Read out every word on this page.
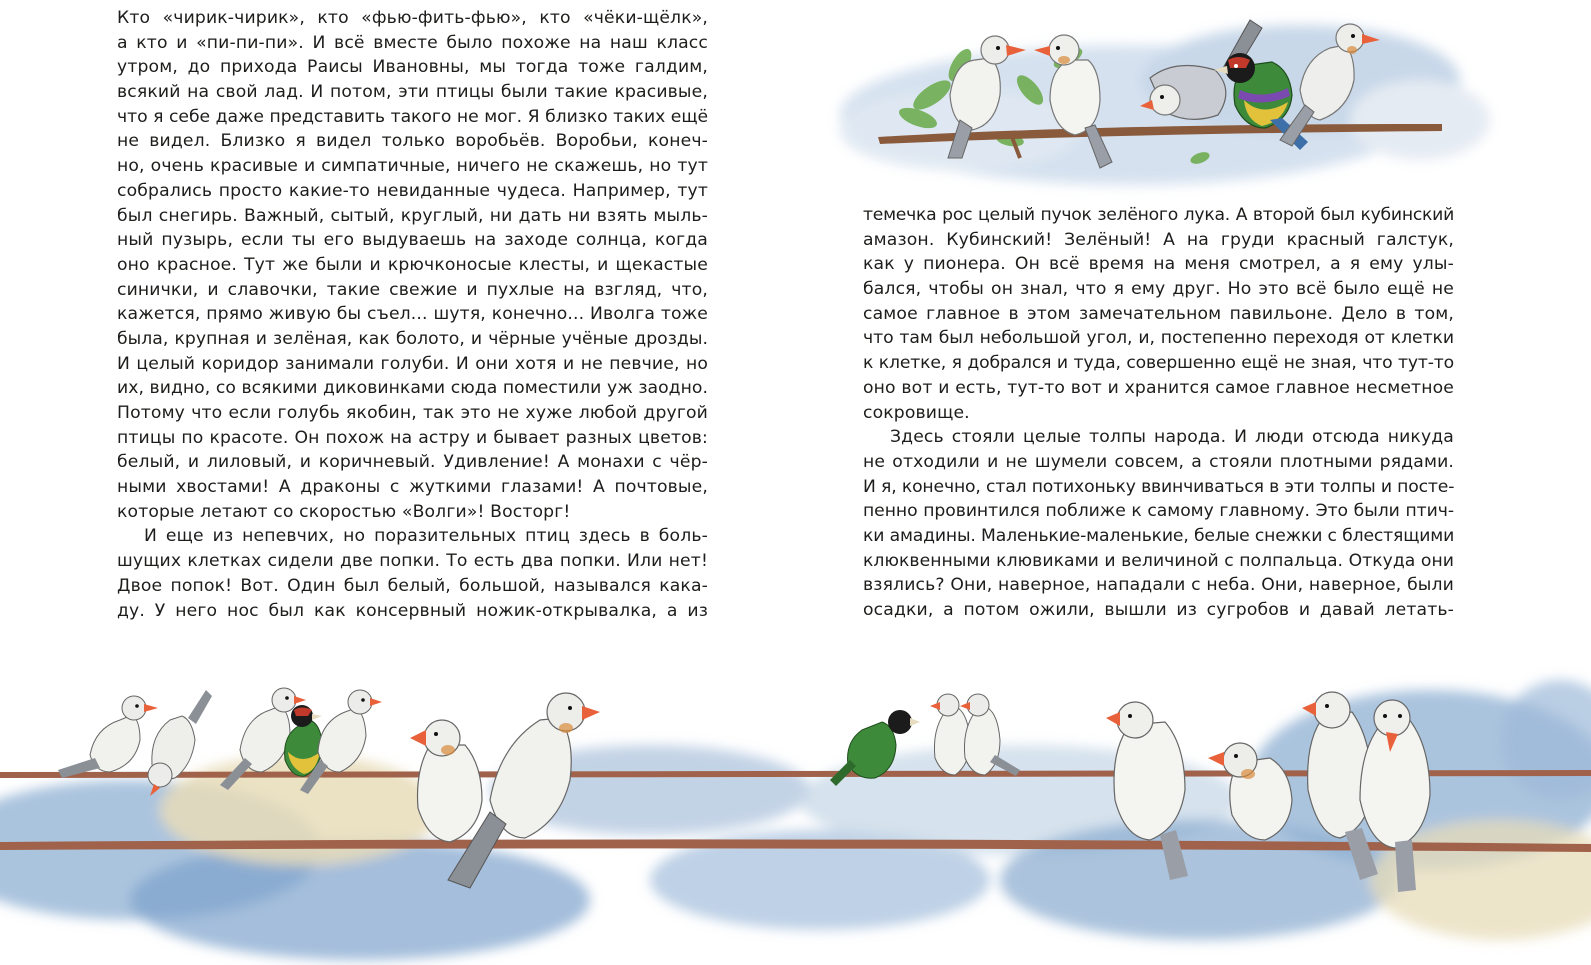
Кто «чирик-чирик», кто «фью-фить-фью», кто «чёки-щёлк»,
а кто и «пи-пи-пи». И всё вместе было похоже на наш класс
утром, до прихода Раисы Ивановны, мы тогда тоже галдим,
всякий на свой лад. И потом, эти птицы были такие красивые,
что я себе даже представить такого не мог. Я близко таких ещё
не видел. Близко я видел только воробьёв. Воробьи, конеч-
но, очень красивые и симпатичные, ничего не скажешь, но тут
собрались просто какие-то невиданные чудеса. Например, тут
был снегирь. Важный, сытый, круглый, ни дать ни взять мыль-
ный пузырь, если ты его выдуваешь на заходе солнца, когда
оно красное. Тут же были и крючконосые клесты, и щекастые
синички, и славочки, такие свежие и пухлые на взгляд, что,
кажется, прямо живую бы съел... шутя, конечно... Иволга тоже
была, крупная и зелёная, как болото, и чёрные учёные дрозды.
И целый коридор занимали голуби. И они хотя и не певчие, но
их, видно, со всякими диковинками сюда поместили уж заодно.
Потому что если голубь якобин, так это не хуже любой другой
птицы по красоте. Он похож на астру и бывает разных цветов:
белый, и лиловый, и коричневый. Удивление! А монахи с чёр-
ными хвостами! А драконы с жуткими глазами! А почтовые,
которые летают со скоростью «Волги»! Восторг!
И еще из непевчих, но поразительных птиц здесь в боль-
шущих клетках сидели две попки. То есть два попки. Или нет!
Двое попок! Вот. Один был белый, большой, назывался кака-
ду. У него нос был как консервный ножик-открывалка, а из
темечка рос целый пучок зелёного лука. А второй был кубинский
амазон. Кубинский! Зелёный! А на груди красный галстук,
как у пионера. Он всё время на меня смотрел, а я ему улы-
бался, чтобы он знал, что я ему друг. Но это всё было ещё не
самое главное в этом замечательном павильоне. Дело в том,
что там был небольшой угол, и, постепенно переходя от клетки
к клетке, я добрался и туда, совершенно ещё не зная, что тут-то
оно вот и есть, тут-то вот и хранится самое главное несметное
сокровище.
Здесь стояли целые толпы народа. И люди отсюда никуда
не отходили и не шумели совсем, а стояли плотными рядами.
И я, конечно, стал потихоньку ввинчиваться в эти толпы и посте-
пенно провинтился поближе к самому главному. Это были птич-
ки амадины. Маленькие-маленькие, белые снежки с блестящими
клюквенными клювиками и величиной с полпальца. Откуда они
взялись? Они, наверное, нападали с неба. Они, наверное, были
осадки, а потом ожили, вышли из сугробов и давай летать-
